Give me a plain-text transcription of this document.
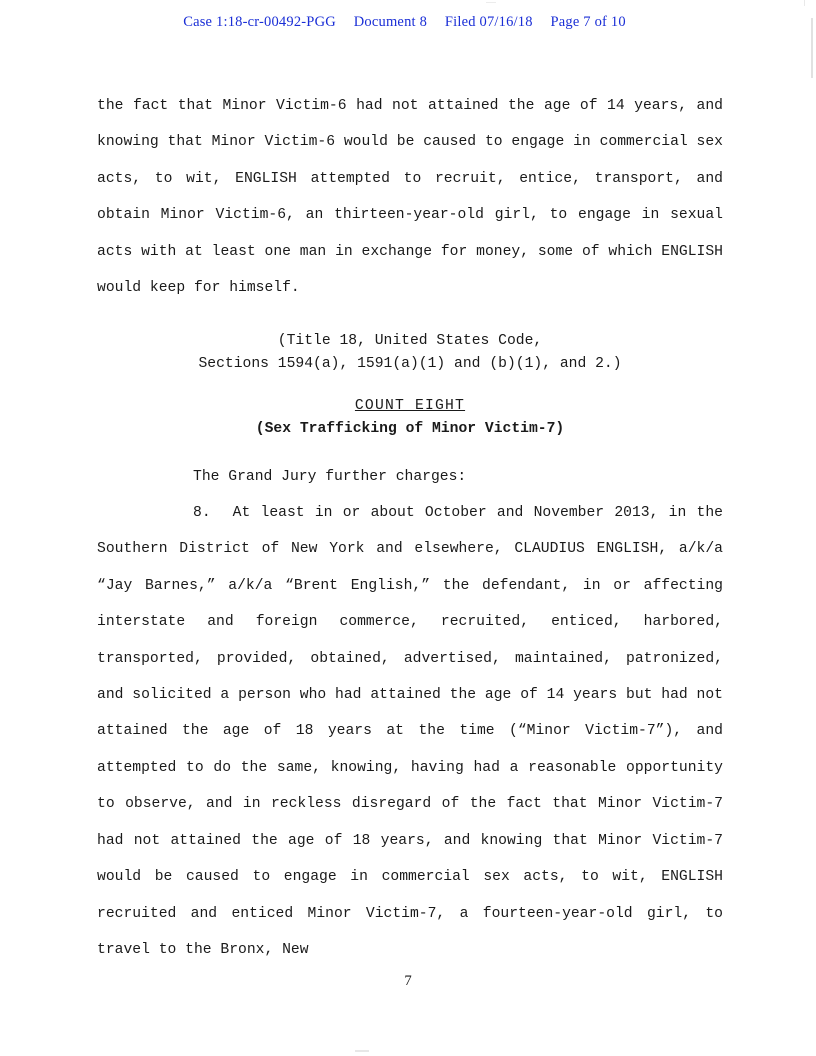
Case 1:18-cr-00492-PGG Document 8 Filed 07/16/18 Page 7 of 10

the fact that Minor Victim-6 had not attained the age of 14 years, and knowing that Minor Victim-6 would be caused to engage in commercial sex acts, to wit, ENGLISH attempted to recruit, entice, transport, and obtain Minor Victim-6, an thirteen-year-old girl, to engage in sexual acts with at least one man in exchange for money, some of which ENGLISH would keep for himself.

(Title 18, United States Code,

Sections 1594(a), 1591(a)(1) and (b)(1), and 2.)

COUNT EIGHT

(Sex Trafficking of Minor Victim-7)

The Grand Jury further charges:

8. At least in or about October and November 2013, in the Southern District of New York and elsewhere, CLAUDIUS ENGLISH, a/k/a “Jay Barnes,” a/k/a “Brent English,” the defendant, in or affecting interstate and foreign commerce, recruited, enticed, harbored, transported, provided, obtained, advertised, maintained, patronized, and solicited a person who had attained the age of 14 years but had not attained the age of 18 years at the time (“Minor Victim-7”), and attempted to do the same, knowing, having had a reasonable opportunity to observe, and in reckless disregard of the fact that Minor Victim-7 had not attained the age of 18 years, and knowing that Minor Victim-7 would be caused to engage in commercial sex acts, to wit, ENGLISH recruited and enticed Minor Victim-7, a fourteen-year-old girl, to travel to the Bronx, New

7
